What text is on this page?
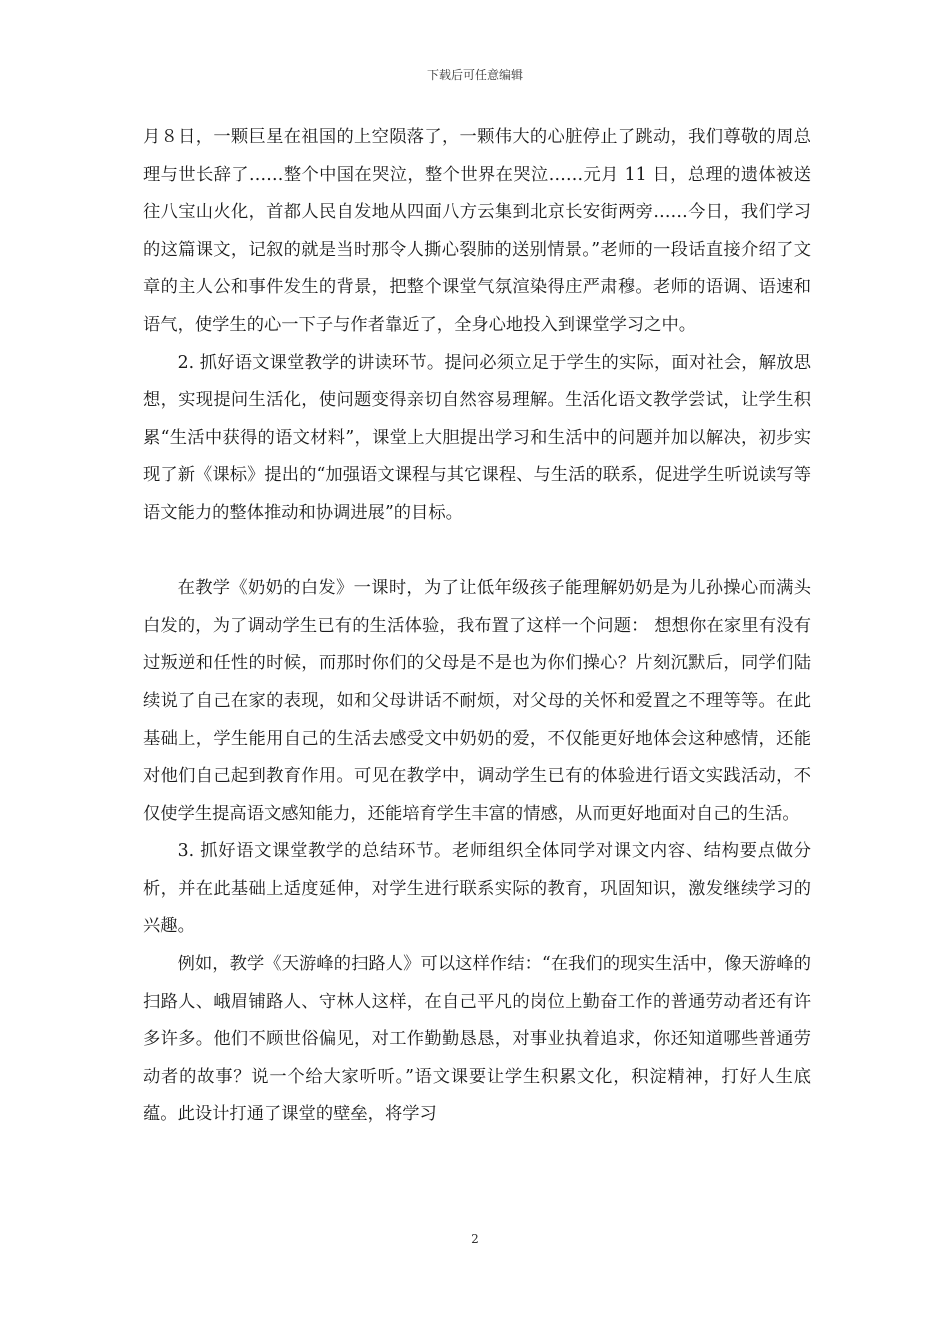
下载后可任意编辑

月８日，一颗巨星在祖国的上空陨落了，一颗伟大的心脏停止了跳动，我们尊敬的周总理与世长辞了……整个中国在哭泣，整个世界在哭泣……元月 11 日，总理的遗体被送往八宝山火化，首都人民自发地从四面八方云集到北京长安街两旁……今日，我们学习的这篇课文，记叙的就是当时那令人撕心裂肺的送别情景。”老师的一段话直接介绍了文章的主人公和事件发生的背景，把整个课堂气氛渲染得庄严肃穆。老师的语调、语速和语气，使学生的心一下子与作者靠近了，全身心地投入到课堂学习之中。

2. 抓好语文课堂教学的讲读环节。提问必须立足于学生的实际，面对社会，解放思想，实现提问生活化，使问题变得亲切自然容易理解。生活化语文教学尝试，让学生积累“生活中获得的语文材料”，课堂上大胆提出学习和生活中的问题并加以解决，初步实现了新《课标》提出的“加强语文课程与其它课程、与生活的联系，促进学生听说读写等语文能力的整体推动和协调进展”的目标。

在教学《奶奶的白发》一课时，为了让低年级孩子能理解奶奶是为儿孙操心而满头白发的，为了调动学生已有的生活体验，我布置了这样一个问题： 想想你在家里有没有过叛逆和任性的时候，而那时你们的父母是不是也为你们操心？片刻沉默后，同学们陆续说了自己在家的表现，如和父母讲话不耐烦，对父母的关怀和爱置之不理等等。在此基础上，学生能用自己的生活去感受文中奶奶的爱，不仅能更好地体会这种感情，还能对他们自己起到教育作用。可见在教学中，调动学生已有的体验进行语文实践活动，不仅使学生提高语文感知能力，还能培育学生丰富的情感，从而更好地面对自己的生活。

3. 抓好语文课堂教学的总结环节。老师组织全体同学对课文内容、结构要点做分析，并在此基础上适度延伸，对学生进行联系实际的教育，巩固知识，激发继续学习的兴趣。

例如，教学《天游峰的扫路人》可以这样作结：“在我们的现实生活中，像天游峰的扫路人、峨眉铺路人、守林人这样，在自己平凡的岗位上勤奋工作的普通劳动者还有许多许多。他们不顾世俗偏见，对工作勤勤恳恳，对事业执着追求，你还知道哪些普通劳动者的故事？说一个给大家听听。”语文课要让学生积累文化，积淀精神，打好人生底蕴。此设计打通了课堂的壁垒，将学习

2
